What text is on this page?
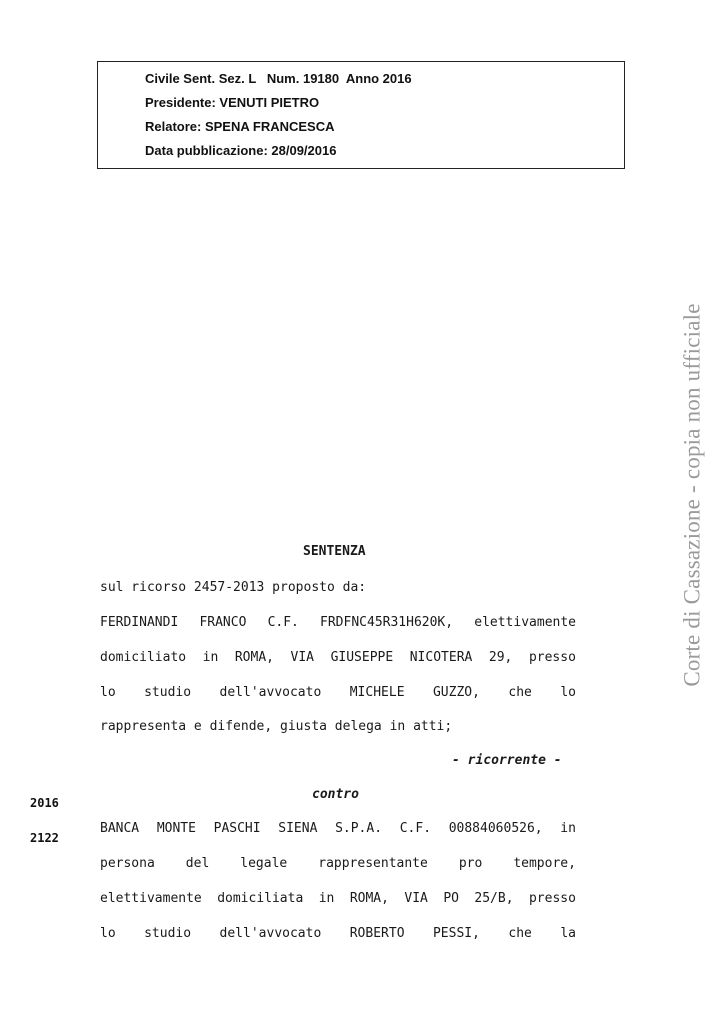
Civile Sent. Sez. L   Num. 19180  Anno 2016
Presidente: VENUTI PIETRO
Relatore: SPENA FRANCESCA
Data pubblicazione: 28/09/2016
Corte di Cassazione - copia non ufficiale
SENTENZA
sul ricorso 2457-2013 proposto da:
FERDINANDI FRANCO C.F. FRDFNC45R31H620K, elettivamente
domiciliato in ROMA, VIA GIUSEPPE NICOTERA 29, presso
lo studio dell'avvocato MICHELE GUZZO, che lo
rappresenta e difende, giusta delega in atti;
- ricorrente -
contro
2016
2122
BANCA MONTE PASCHI SIENA S.P.A. C.F. 00884060526, in
persona del legale rappresentante pro tempore,
elettivamente domiciliata in ROMA, VIA PO 25/B, presso
lo studio dell'avvocato ROBERTO PESSI, che la
